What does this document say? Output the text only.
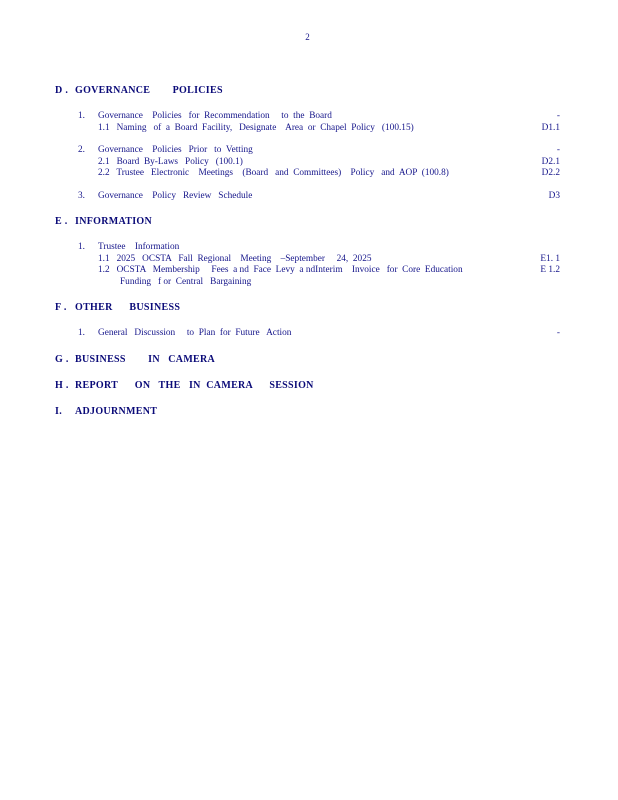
2
D . GOVERNANCE        POLICIES
1.	Governance    Policies   for  Recommendation     to  the  Board	-
1.1   Naming   of  a  Board  Facility,   Designate    Area  or  Chapel  Policy   (100.15)	D1.1
2.	Governance    Policies   Prior   to  Vetting	-
2.1   Board  By-Laws   Policy   (100.1)	D2.1
2.2   Trustee   Electronic    Meetings    (Board   and  Committees)    Policy   and  AOP  (100.8)	D2.2
3.	Governance    Policy   Review   Schedule	D3
E . INFORMATION
1.	Trustee    Information
1.1   2025   OCSTA   Fall  Regional    Meeting    –September     24,  2025	E1. 1
1.2   OCSTA   Membership     Fees  a nd  Face  Levy  a ndInterim    Invoice   for  Core  Education	E 1.2
Funding   f or  Central   Bargaining
F . OTHER      BUSINESS
1.	General   Discussion     to  Plan  for  Future   Action	-
G . BUSINESS        IN   CAMERA
H . REPORT      ON   THE   IN  CAMERA      SESSION
I.	ADJOURNMENT
